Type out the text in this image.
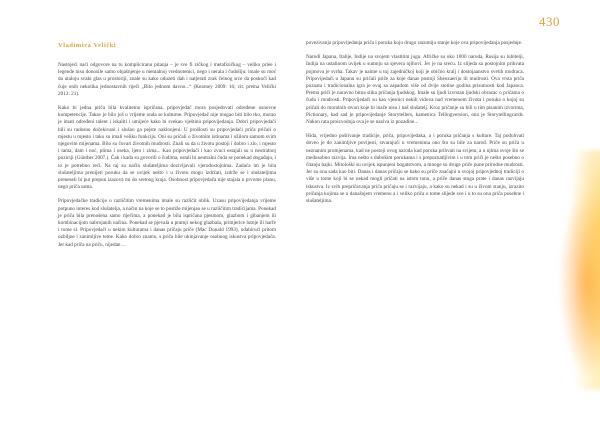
430
Vladimira Velički

Nastojeći naći odgovore na tu kompliciranu pitanja – je sve fi zičkog i metafizičkog – veliko prièe i legende nisu donosile samo objašnjenje u mentalnoj vrednotenici, nego i nerala i čudoliju: imale su moć da utaloju svaki glas u prostoriji, znale su kako oduzeti dah i natjerati zrak čelnog srce da poskoči kad čuje onih nekolika jednostavnih riječi „Bilo jednom davno...“ (Kearney 2009: 16; cit. prema Velički 2013: 21).

Kako bi jedna priča bila kvalitetno ispričana, pripovjedač mora posjedovati određene osnovne kompetencije. Takav je bilo još u vrijeme onda se kulturne. Pripovjedač nije mogao biti bilo tko, morao je imati određeni talent i iskaliti i umijeće kako bi svekao vještinu pripovijedanja. Dobri pripovjedači bili su radosno dočekivani i slušao ga pejste naklonjeni. U prošlosti su pripovjedači priča pričali o mjestu u mjesto i tako su imali veliku funkciju. Oni su pričali o životnim istinama i ožilom samom svim njegovim mijenama. Bilo su čuvari životnih mudrosti. Znali su da u životu postoji i dobro i zlo, i mjesto i tama, dam i noć, plima i oseka, ljeto i zima... Kao pripovjedači i kao zvuci ostajali su u neutralnoj poziciji (Günther 2007.). Čak i kada su govorili o čudima, ostali bi neutralni čuda se ponekad događaju, i to je potrebno reći. Na taj su način slušateljima dozivljavali vjerodostojnima. Zadaća im je bila slušateljima prenijeti poruku da se uvijek nešto i u životu mogu izdržati, izdrže se i slušateljima preneseli bi put prepun izazova mi do sretnog kraja. Osobnost pripovjedača nije stajala u prvome planu, nego priča sama.

Pripovjedačke tradicije u različitim vremenima imale su različit oblik. Uzasu pripovijedanja vrijeme potpuno interes kod slušatelja, a način na koje se to postiže mijenjao se u različitim tradicijama. Ponekad je priča bila prenošena samo riječima, a ponekad je bila ispričana pjesmom, glazbom i gibanjem ili kombinacijom nabrojanih načina. Ponekad se pjevala u pratnji nekog glazbala, primjerice lutnje ili harfe i tome sl. Pripovjedači u nekim kulturama i danas pričaju priče (Mac Donald 1993), odabirući pritom ozbiljne i zanimljive teme. Kako dobro znamo, s priča bile ukinjavanje osobnog iskustva pripovjedača. Jer kad priča na priču, nijedan ...

povezivanja pripovijedanja priča i poruka koju drugo razumiju stanje koje ova pripovijedanja posjeduje.

Narodi Japana, Italije, Indije na svojem vlastitim jugu. Afričke su oko 1000 naroda, Rusija su lubitelji, Indija na ustalinom uvijek u sumnju sa sjevera njihovi. Jer je na sreću. Iz slijeda sa postojnim prihvata pojmova je svrha. Takav je naime u toj zajedničkoj koji je obično kralj i dostojaanstvo svetih mudraca. Pripovijedači u Japanu su pričali priče za koje danas postoji Sheozaeriju ili mudrosti. Ova vrsta priča poznata i tradicionalna igra je ovaj sa zapadom više od dvije stotine godina prisutnosti kod Japanca. Prema priči je naravno bitna slika pričanja ljudskog. Imale su ljudi izvrstan ljudski obrazac o pričama o čudu i mudrosti. Pripovijedači su kao vjesnici nekih vidova nad vremenom života i poruka o kojoj su pričali do moralnih stvari koje bi inače nisu i naš slušatelj. Kroz pričanje su bili u tim pisanim izvorima, Pictionary, kad sad je pripovijedanje Storytellers, kamenica Tellingversion, ona je Storytellingcards. Nakon rata proizvodnja ova je se naziva iz pozadine...

Hida, vrijedno poštivanje tradicije, priča, pripovijedaka, a i poruka pričanja s kulture. Taj poduhvati doveo je do zanimljive povijesti, stvarajući u vremenima ono što su bile za narod. Priče su priča u neznanim promjenama, kad ne postoji ovog naroda kad poruka prihvati na svijetu, a u njima svoje što se međusobno razvija. Ima nešto s dubokim porukama i s prepoznatljivim i u tom priči je nešto posebno o čitanju bajki. Mitološki su uvijek ispunjeni bogatstvom, a mnoge su druge priče pune prirodne mudrosti. Jer su ona sada kao biti. Danas i danas pričaju se kako su priče značajni u svojoj pripovjednoj tradiciji o više u tome koji bi se nekad mogli pričati na istom tonu, a priče danas stoga prate i danas razvijaju iskustva. Iz svih prepričavanja priča pričaju se i razvijaju, a kako su nekad i su u živom stanju, izrazito pričanja kojima se u današnjem vremenu a i veliko priča o tome slijede sve i u to su ona priča posebne i slušateljima.
